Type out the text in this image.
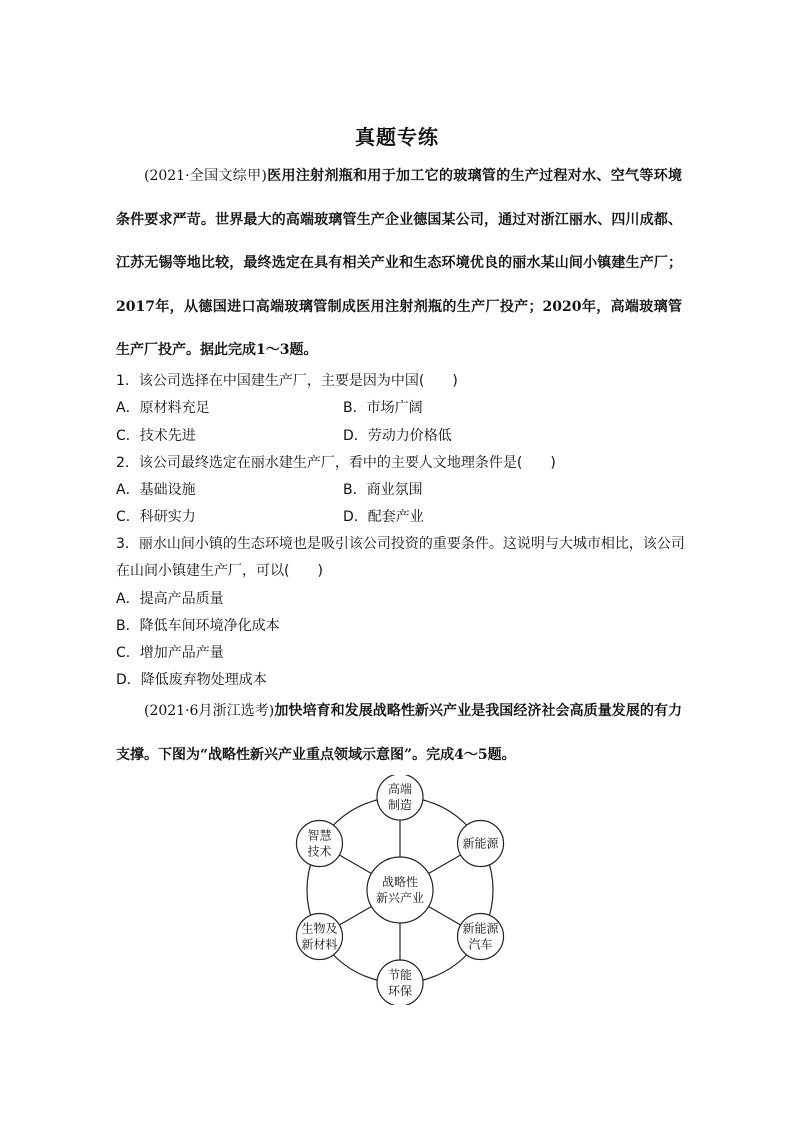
真题专练
(2021·全国文综甲)医用注射剂瓶和用于加工它的玻璃管的生产过程对水、空气等环境条件要求严苛。世界最大的高端玻璃管生产企业德国某公司，通过对浙江丽水、四川成都、江苏无锡等地比较，最终选定在具有相关产业和生态环境优良的丽水某山间小镇建生产厂；2017年，从德国进口高端玻璃管制成医用注射剂瓶的生产厂投产；2020年，高端玻璃管生产厂投产。据此完成1～3题。
1．该公司选择在中国建生产厂，主要是因为中国(　　)
A．原材料充足	B．市场广阔
C．技术先进	D．劳动力价格低
2．该公司最终选定在丽水建生产厂，看中的主要人文地理条件是(　　)
A．基础设施	B．商业氛围
C．科研实力	D．配套产业
3．丽水山间小镇的生态环境也是吸引该公司投资的重要条件。这说明与大城市相比，该公司
在山间小镇建生产厂，可以(　　)
A．提高产品质量
B．降低车间环境净化成本
C．增加产品产量
D．降低废弃物处理成本
(2021·6月浙江选考)加快培育和发展战略性新兴产业是我国经济社会高质量发展的有力支撑。下图为“战略性新兴产业重点领域示意图”。完成4～5题。
高端
制造
新能源
新能源
汽车
节能
环保
生物及
新材料
智慧
技术
战略性
新兴产业
